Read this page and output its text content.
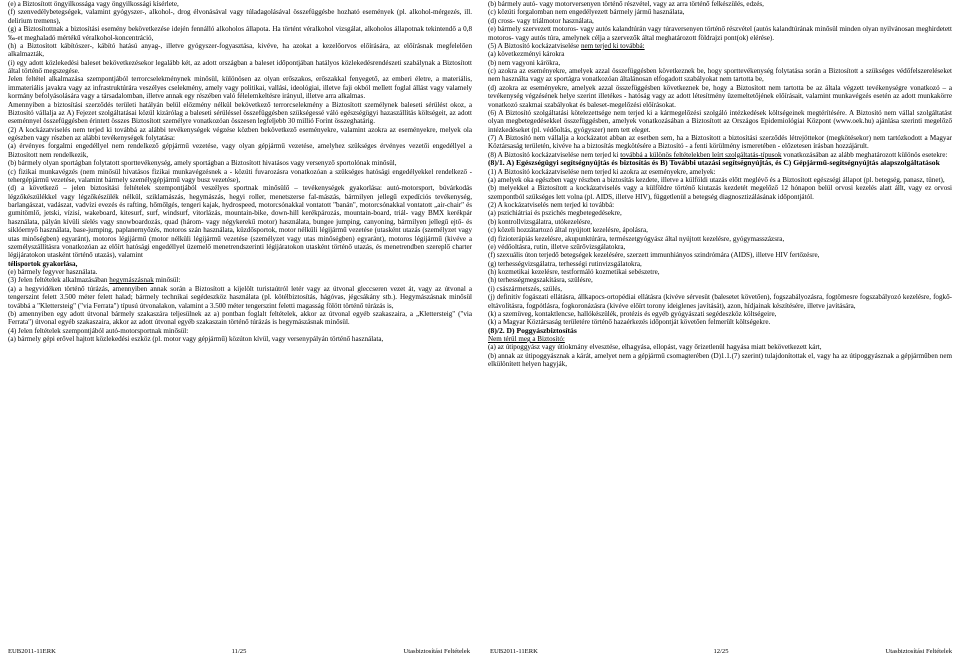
(e) a Biztosított öngyilkossága vagy öngyilkossági kísérlete,

(f) szenvedélybetegségek, valamint gyógyszer-, alkohol-, drog élvonásával vagy túladagolásával összefüggésbe hozható események (pl. alkohol-mérgezés, ill. delirium tremens),

(g) a Biztosítottnak a biztosítási esemény bekövetkezése idején fennálló alkoholos állapota. Ha történt véralkohol vizsgálat, alkoholos állapotnak tekintendő a 0,8 ‰-et meghaladó mértékű véralkohol-koncentráció,

(h) a Biztosított kábítószer-, kábító hatású anyag-, illetve gyógyszer-fogyasztása, kivéve, ha azokat a kezelőorvos előírására, az előírásnak megfelelően alkalmazták,

(i) egy adott közlekedési baleset bekövetkezésekor legalább két, az adott országban a baleset időpontjában hatályos közlekedésrendészeti szabálynak a Biztosított által történő megszegése.

Jelen feltétel alkalmazása szempontjából terrorcselekménynek minősül, különösen az olyan erőszakos, erőszakkal fenyegető, az emberi életre, a materiális, immateriális javakra vagy az infrastruktúrára veszélyes cselekmény, amely vagy politikai, vallási, ideológiai, illetve faji okból mellett foglal állást vagy valamely kormány befolyásolására vagy a társadalomban, illetve annak egy részében való félelemkeltésre irányul, illetve arra alkalmas.

Amennyiben a biztosítási szerződés területi hatályán belül előzmény nélkül bekövetkező terrorcselekmény a Biztosított személynek baleseti sérülést okoz, a Biztosító vállalja az A) Fejezet szolgáltatásai közül kizárólag a baleseti sérüléssel összefüggésben szükségessé váló egészségügyi hazaszállítás költségeit, az adott eseménnyel összefüggésben érintett összes Biztosított személyre vonatkozóan összesen legfeljebb 30 millió Forint összeghatárig.

(2) A kockázatviselés nem terjed ki továbbá az alábbi tevékenységek végzése közben bekövetkező eseményekre, valamint azokra az eseményekre, melyek ola egészben vagy részben az alábbi tevékenységek folytatása:

(a) érvényes forgalmi engedéllyel nem rendelkező gépjármű vezetése, vagy olyan gépjármű vezetése, amelyhez szükséges érvényes vezetői engedéllyel a Biztosított nem rendelkezik,

(b) bármely olyan sportágban folytatott sporttevékenység, amely sportágban a Biztosított hivatásos vagy versenyző sportolónak minősül,

(c) fizikai munkavégzés (nem minősül hivatásos fizikai munkavégzésnek a - közúti fuvarozásra vonatkozóan a szükséges hatósági engedélyekkel rendelkező - tehergépjármű vezetése, valamint bármely személygépjármű vagy busz vezetése),

(d) a következő – jelen biztosítási feltételek szempontjából veszélyes sportnak minősülő – tevékenységek gyakorlása: autó-motorsport, búvárkodás légzőkészülékkel vagy légzőkészülék nélkül, sziklamászás, hegymászás, hegyi roller, menetszerse fal-mászás, bármilyen jellegű expedíciós tevékenység, barlangászat, vadászat, vadvízi evezés és rafting, hőmőlgés, tengeri kajak, hydrospeed, motorcsónakkal vontatott "banán", motorcsónakkal vontatott „air-chair" és gumitömlő, jetski, vízisí, wakeboard, kitesurf, surf, windsurf, vitorlázás, mountain-bike, down-hill kerékpározás, mountain-board, triál- vagy BMX kerékpár használata, pályán kívüli síelés vagy snowboardozás, quad (három- vagy négykerekű motor) használata, bungee jumping, canyoning, bármilyen jellegű ejtő- és siklóernyő használata, base-jumping, paplanernyőzés, motoros szán használata, küzdősportok, motor nélküli légijármű vezetése (utasként utazás (személyzet vagy utas minőségben) egyaránt), motoros légijármű (motor nélküli légijármű vezetése (személyzet vagy utas minőségben) egyaránt), motoros légijármű (kivéve a személyszállításra vonatkozóan az előírt hatósági engedéllyel üzemelő menetrendszerinti légijáratokon utasként történő utazás, és menetrendben szereplő charter légijáratokon utasként történő utazás), valamint

télisportok gyakorlása,

(e) bármely fegyver használata.

(3) Jelen feltételek alkalmazásában hegymászásnak minősül:

(a) a hegyvidéken történő túrázás, amennyiben annak során a Biztosított a kijelölt turistaútról letér vagy az útvonal gleccseren vezet át, vagy az útvonal a tengerszint felett 3.500 méter felett halad; bármely technikai segédeszköz használata (pl. kötélbiztosítás, hágóvas, jégcsákány stb.). Hegymászásnak minősül továbbá a "Klettersteig" ("via Ferrata") típusú útvonalakon, valamint a 3.500 méter tengerszint feletti magasság fölött történő túrázás is,

(b) amennyiben egy adott útvonal bármely szakaszára teljesülnek az a) pontban foglalt feltételek, akkor az útvonal egyéb szakaszaira, a „Klettersteig" ("via Ferrata") útvonal egyéb szakaszaira, akkor az adott útvonal egyéb szakaszain történő túrázás is hegymászásnak minősül.

(4) Jelen feltételek szempontjából autó-motorsportnak minősül:

(a) bármely gépi erővel hajtott közlekedési eszköz (pl. motor vagy gépjármű) közúton kívül, vagy versenypályán történő használata,

EUB2011-11ERK	11/25	Utasbiztosítási Feltételek

(b) bármely autó- vagy motorversenyen történő részvétel, vagy az arra történő felkészülés, edzés,

(c) közúti forgalomban nem engedélyezett bármely jármű használata,

(d) cross- vagy triálmotor használata,

(e) bármely szervezett motoros- vagy autós kalandtúrán vagy túraversenyen történő részvétel (autós kalandtúrának minősül minden olyan nyilvánosan meghirdetett motoros- vagy autós túra, amelynek célja a szervezők által meghatározott földrajzi pont(ok) elérése).

(5) A Biztosító kockázatviselése nem terjed ki továbbá:

(a) következményi károkra

(b) nem vagyoni kárökra,

(c) azokra az eseményekre, amelyek azzal összefüggésben következnek be, hogy sporttevékenység folytatása során a Biztosított a szükséges védőfelszereléseket nem használta vagy az sportágra vonatkozóan általánosan elfogadott szabályokat nem tartotta be,

(d) azokra az eseményekre, amelyek azzal összefüggésben következnek be, hogy a Biztosított nem tartotta be az általa végzett tevékenységre vonatkozó – a tevékenység végzésének helye szerint illetékes - hatóság vagy az adott létesítmény üzemeltetőjének előírásait, valamint munkavégzés esetén az adott munkakörre vonatkozó szakmai szabályokat és baleset-megelőzési előírásokat.

(6) A Biztosító szolgáltatási kötelezettsége nem terjed ki a kármegelőzési szolgáló intézkedések költségeinek megtérítésére. A Biztosító nem vállal szolgáltatást olyan megbetegedésekkel összefüggésben, amelyek vonatkozásában a Biztosított az Országos Epidemiológiai Központ (www.oek.hu) ajánlása szerinti megelőző intézkedéseket (pl. védőoltás, gyógyszer) nem tett eleget.

(7) A Biztosító nem vállalja a kockázatot abban az esetben sem, ha a Biztosított a biztosítási szerződés létrejöttekor (megkötésekor) nem tartózkodott a Magyar Köztársaság területén, kivéve ha a biztosítás megkötésére a Biztosító - a fenti körülmény ismeretében - előzetesen írásban hozzájárult.

(8) A Biztosító kockázatviselése nem terjed ki továbbá a különös feltételekben leírt szolgáltatás-típusok vonatkozásában az alább meghatározott különös esetekre:

(8)/1. A) Egészségügyi segítségnyújtás és biztosítás és B) További utazási segítségnyújtás, és C) Gépjármű-segítségnyújtás alapszolgáltatások

(1) A Biztosító kockázatviselése nem terjed ki azokra az eseményekre, amelyek:

(a) amelyek oka egészben vagy részben a biztosítás kezdete, illetve a külföldi utazás előtt meglévő és a Biztosított egészségi állapot (pl. betegség, panasz, tünet),

(b) melyekkel a Biztosított a kockázatviselés vagy a külföldre történő kiutazás kezdetét megelőző 12 hónapon belül orvosi kezelés alatt állt, vagy ez orvosi szempontból szükséges lett volna (pl. AIDS, illetve HIV), függetlenül a betegség diagnosztizálásának időpontjától.

(2) A kockázatviselés nem terjed ki továbbá:

(a) pszichiátriai és pszichés megbetegedésekre,

(b) kontrollvizsgálatra, utókezelésre,

(c) közeli hozzátartozó által nyújtott kezelésre, ápolásra,

(d) fizioterápiás kezelésre, akupunktúrára, természetgyógyász által nyújtott kezelésre, gyógymasszázsra,

(e) védőoltásra, rutin, illetve szűrővizsgálatokra,

(f) szexuális úton terjedő betegségek kezelésére, szerzett immunhiányos szindrómára (AIDS), illetve HIV fertőzésre,

(g) terhességvizsgálatra, terhességi rutinvizsgálatokra,

(h) kozmetikai kezelésre, testformáló kozmetikai sebészetre,

(h) terhességmegszakításra, szülésre,

(i) császármetszés, szülés,

(j) definitív fogászati ellátásra, állkapocs-ortopédiai ellátásra (kivéve sérvesüt (balesetet követően), fogszabályozásra, fogtömesre fogszabályozó kezelésre, fogkő-eltávolításra, fogpótlásra, fogkoronázásra (kivéve előírt torony ideiglenes javítását), azon, hídjainak készítésére, illetve javítására,

(k) a szemüveg, kontaktlencse, hallókészülék, protézis és egyéb gyógyászati segédeszköz költségeire,

(k) a Magyar Köztársaság területére történő hazaérkezés időpontját követően felmerült költségekre.

(8)/2. D) Poggyászbiztosítás

Nem térül meg a Biztosító:

(a) az útipoggyász vagy útiokmány elvesztése, elhagyása, ellopást, vagy őrizetlenül hagyása miatt bekövetkezett kárt,

(b) annak az útipoggyásznak a kárát, amelyet nem a gépjármű csomagterében (D)1.1.(7) szerint) tulajdonítottak el, vagy ha az útipoggyásznak a gépjárműben nem elkülönített helyen hagyják,

EUB2011-11ERK	12/25	Utasbiztosítási Feltételek
